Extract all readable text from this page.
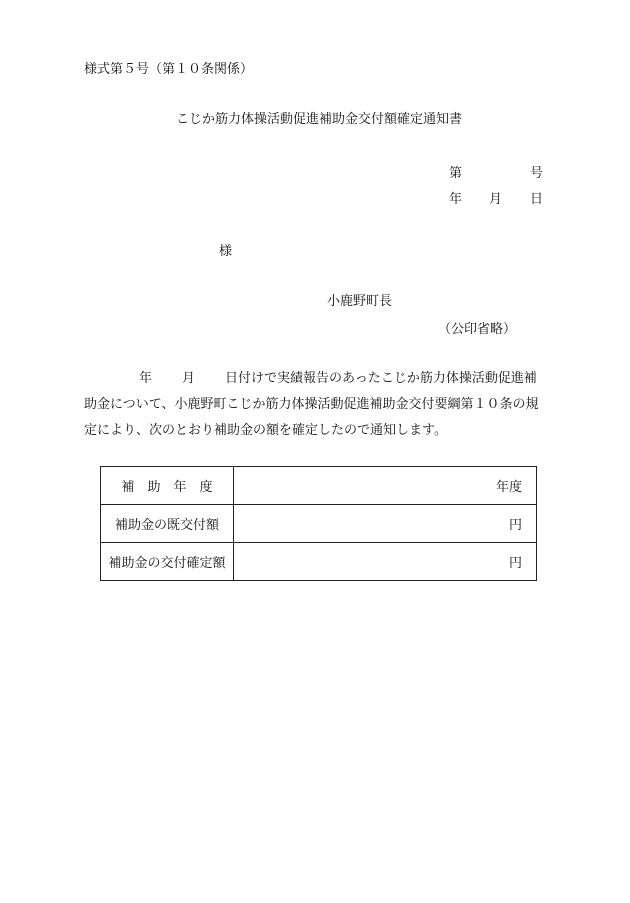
様式第５号（第１０条関係）
こじか筋力体操活動促進補助金交付額確定通知書
第	号
年 月 日
様
小鹿野町長
（公印省略）
年 月 日付けで実績報告のあったこじか筋力体操活動促進補
助金について、小鹿野町こじか筋力体操活動促進補助金交付要綱第１０条の規
定により、次のとおり補助金の額を確定したので通知します。
補　助　年　度	年度
補助金の既交付額	円
補助金の交付確定額	円
